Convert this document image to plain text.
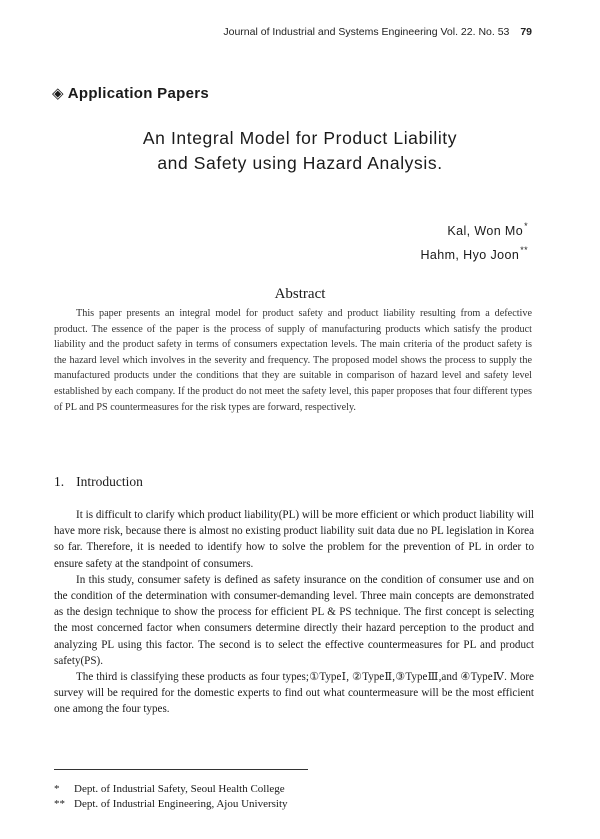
Journal of Industrial and Systems Engineering Vol. 22. No. 53 79
◈ Application Papers
An Integral Model for Product Liability
and Safety using Hazard Analysis.
Kal, Won Mo*
Hahm, Hyo Joon**
Abstract
This paper presents an integral model for product safety and product liability resulting from a defective product. The essence of the paper is the process of supply of manufacturing products which satisfy the product liability and the product safety in terms of consumers expectation levels. The main criteria of the product safety is the hazard level which involves in the severity and frequency. The proposed model shows the process to supply the manufactured products under the conditions that they are suitable in comparison of hazard level and safety level established by each company. If the product do not meet the safety level, this paper proposes that four different types of PL and PS countermeasures for the risk types are forward, respectively.
1. Introduction

It is difficult to clarify which product liability(PL) will be more efficient or which product liability will have more risk, because there is almost no existing product liability suit data due no PL legislation in Korea so far. Therefore, it is needed to identify how to solve the problem for the prevention of PL in order to ensure safety at the standpoint of consumers.

In this study, consumer safety is defined as safety insurance on the condition of consumer use and on the condition of the determination with consumer-demanding level. Three main concepts are demonstrated as the design technique to show the process for efficient PL & PS technique. The first concept is selecting the most concerned factor when consumers determine directly their hazard perception to the product and analyzing PL using this factor. The second is to select the effective countermeasures for PL and product safety(PS).

The third is classifying these products as four types;①TypeⅠ, ②TypeⅡ,③TypeⅢ,and ④TypeⅣ. More survey will be required for the domestic experts to find out what countermeasure will be the most efficient one among the four types.

* Dept. of Industrial Safety, Seoul Health College
** Dept. of Industrial Engineering, Ajou University
